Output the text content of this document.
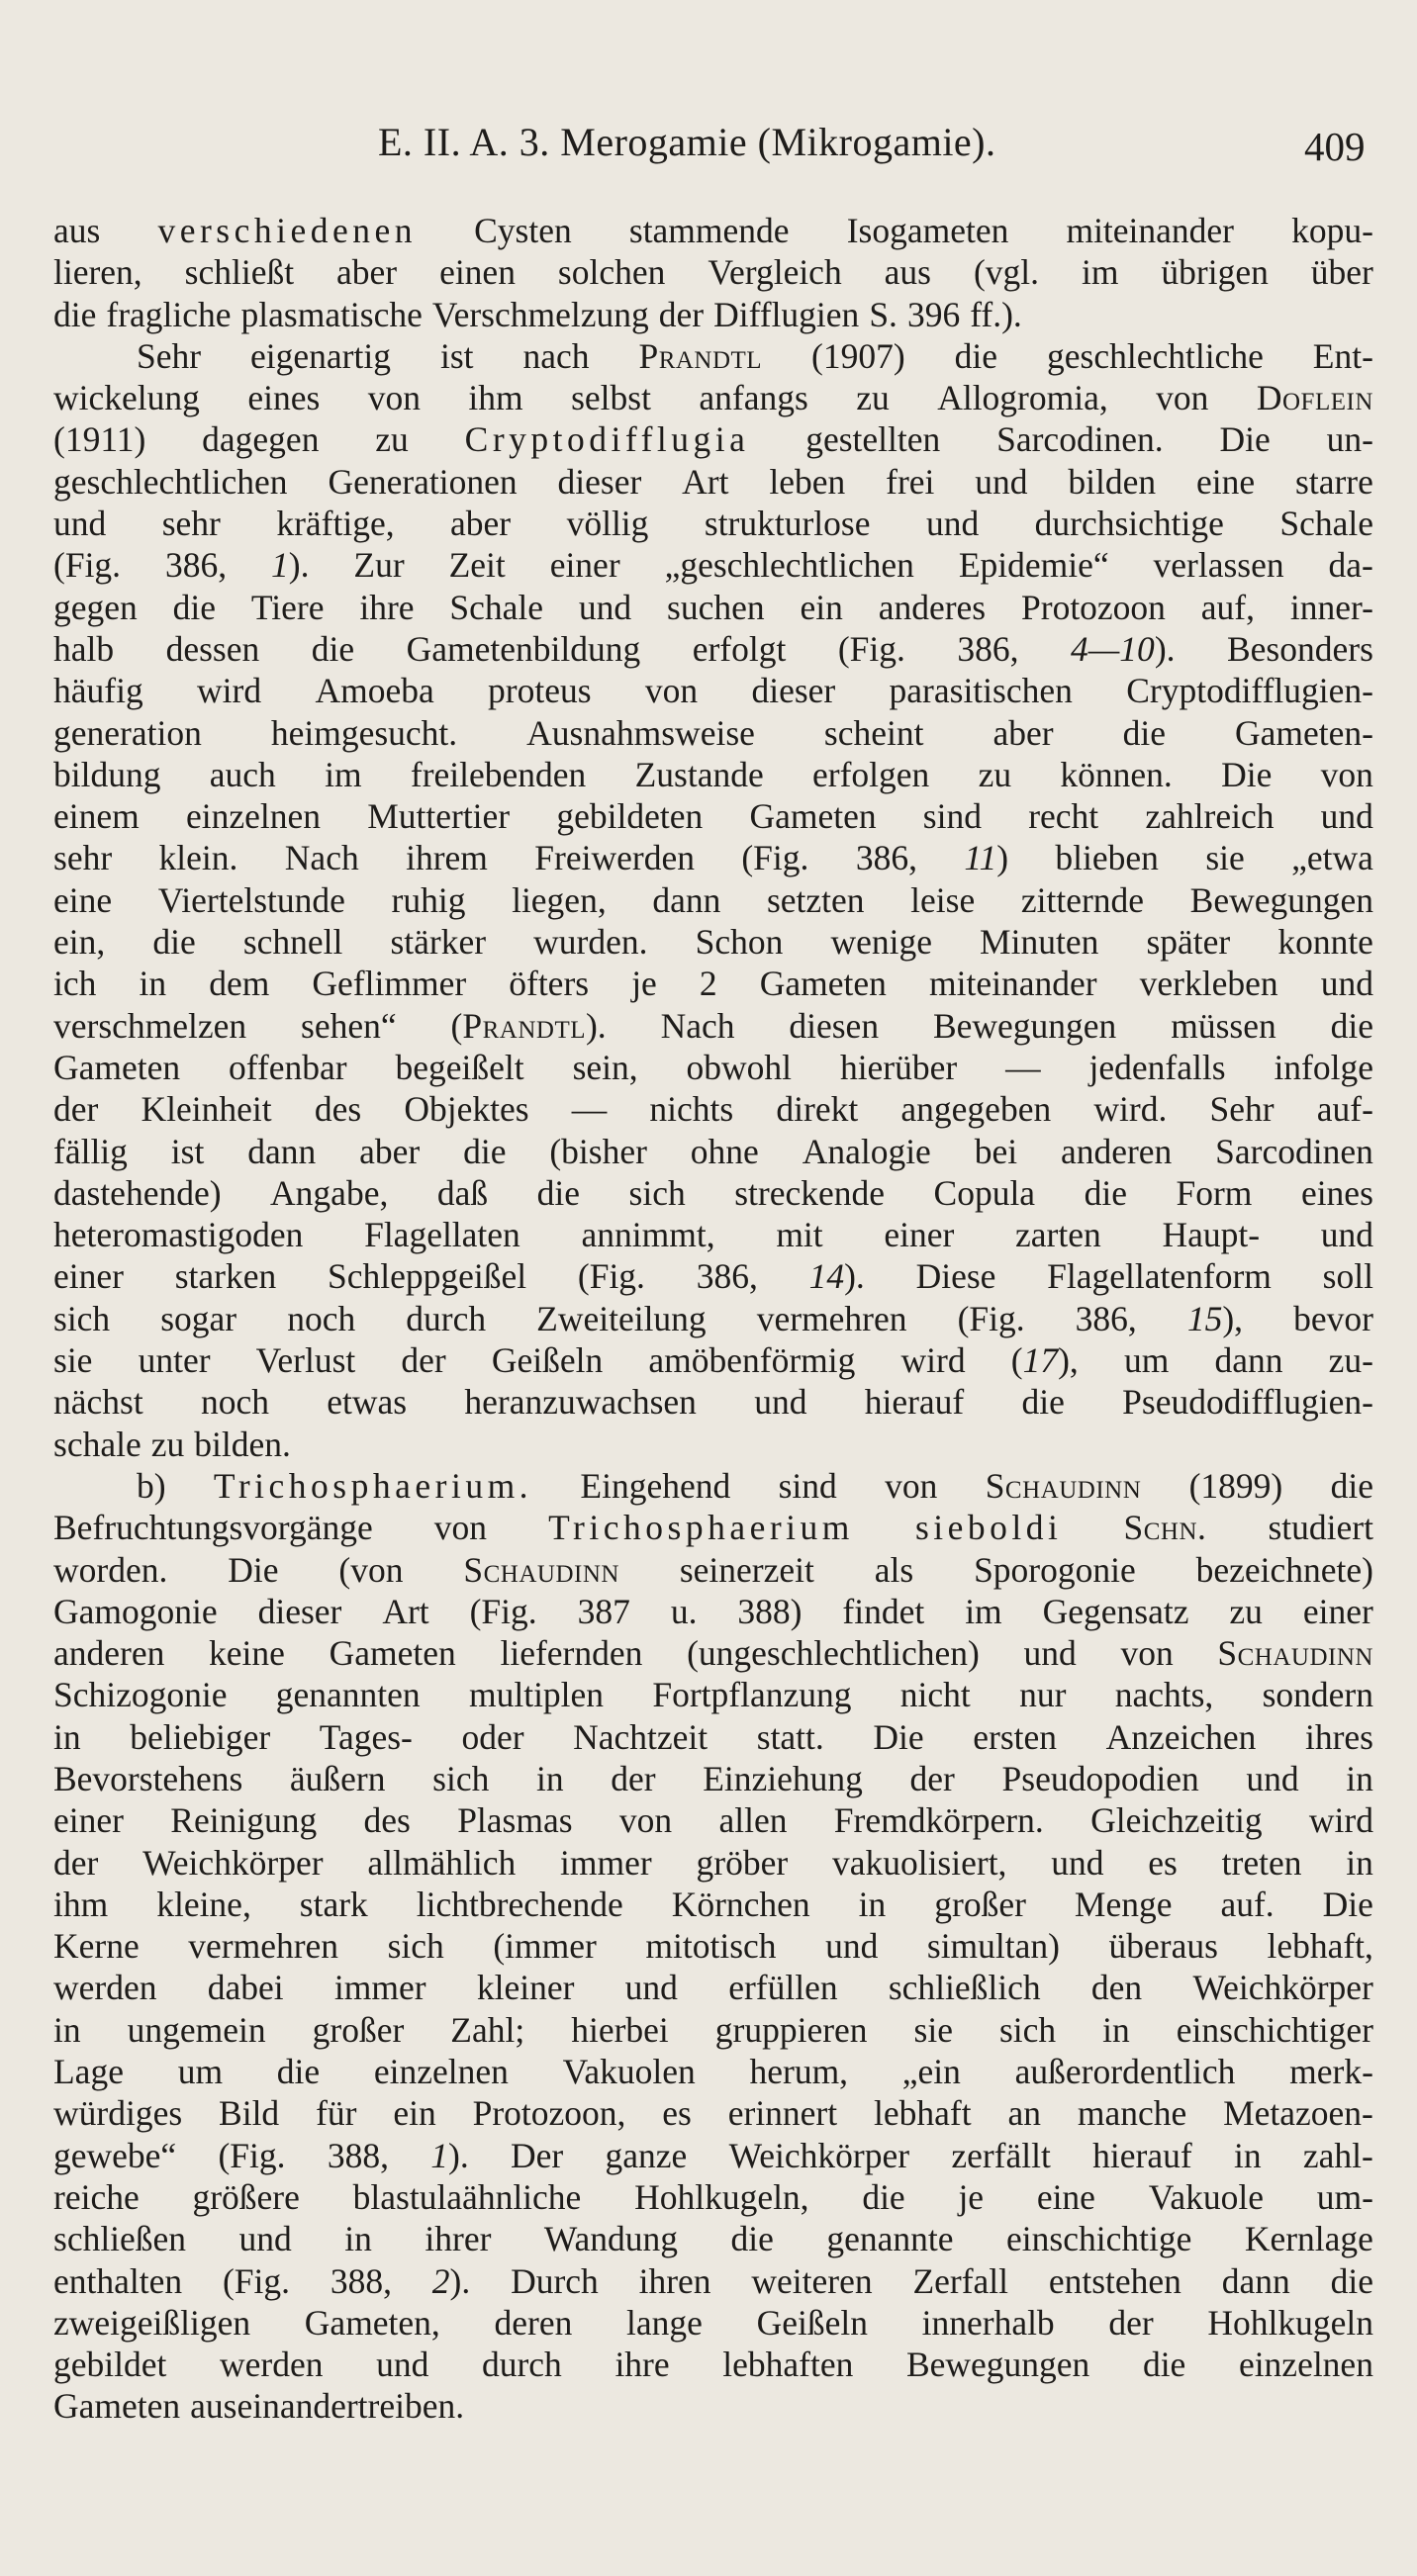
E. II. A. 3. Merogamie (Mikrogamie).	409
aus verschiedenen Cysten stammende Isogameten miteinander kopu-
lieren, schließt aber einen solchen Vergleich aus (vgl. im übrigen über
die fragliche plasmatische Verschmelzung der Difflugien S. 396 ff.).
Sehr eigenartig ist nach Prandtl (1907) die geschlechtliche Ent-
wickelung eines von ihm selbst anfangs zu Allogromia, von Doflein
(1911) dagegen zu Cryptodifflugia gestellten Sarcodinen. Die un-
geschlechtlichen Generationen dieser Art leben frei und bilden eine starre
und sehr kräftige, aber völlig strukturlose und durchsichtige Schale
(Fig. 386, 1). Zur Zeit einer „geschlechtlichen Epidemie“ verlassen da-
gegen die Tiere ihre Schale und suchen ein anderes Protozoon auf, inner-
halb dessen die Gametenbildung erfolgt (Fig. 386, 4—10). Besonders
häufig wird Amoeba proteus von dieser parasitischen Cryptodifflugien-
generation heimgesucht. Ausnahmsweise scheint aber die Gameten-
bildung auch im freilebenden Zustande erfolgen zu können. Die von
einem einzelnen Muttertier gebildeten Gameten sind recht zahlreich und
sehr klein. Nach ihrem Freiwerden (Fig. 386, 11) blieben sie „etwa
eine Viertelstunde ruhig liegen, dann setzten leise zitternde Bewegungen
ein, die schnell stärker wurden. Schon wenige Minuten später konnte
ich in dem Geflimmer öfters je 2 Gameten miteinander verkleben und
verschmelzen sehen“ (Prandtl). Nach diesen Bewegungen müssen die
Gameten offenbar begeißelt sein, obwohl hierüber — jedenfalls infolge
der Kleinheit des Objektes — nichts direkt angegeben wird. Sehr auf-
fällig ist dann aber die (bisher ohne Analogie bei anderen Sarcodinen
dastehende) Angabe, daß die sich streckende Copula die Form eines
heteromastigoden Flagellaten annimmt, mit einer zarten Haupt- und
einer starken Schleppgeißel (Fig. 386, 14). Diese Flagellatenform soll
sich sogar noch durch Zweiteilung vermehren (Fig. 386, 15), bevor
sie unter Verlust der Geißeln amöbenförmig wird (17), um dann zu-
nächst noch etwas heranzuwachsen und hierauf die Pseudodifflugien-
schale zu bilden.
b) Trichosphaerium. Eingehend sind von Schaudinn (1899) die
Befruchtungsvorgänge von Trichosphaerium sieboldi Schn. studiert
worden. Die (von Schaudinn seinerzeit als Sporogonie bezeichnete)
Gamogonie dieser Art (Fig. 387 u. 388) findet im Gegensatz zu einer
anderen keine Gameten liefernden (ungeschlechtlichen) und von Schaudinn
Schizogonie genannten multiplen Fortpflanzung nicht nur nachts, sondern
in beliebiger Tages- oder Nachtzeit statt. Die ersten Anzeichen ihres
Bevorstehens äußern sich in der Einziehung der Pseudopodien und in
einer Reinigung des Plasmas von allen Fremdkörpern. Gleichzeitig wird
der Weichkörper allmählich immer gröber vakuolisiert, und es treten in
ihm kleine, stark lichtbrechende Körnchen in großer Menge auf. Die
Kerne vermehren sich (immer mitotisch und simultan) überaus lebhaft,
werden dabei immer kleiner und erfüllen schließlich den Weichkörper
in ungemein großer Zahl; hierbei gruppieren sie sich in einschichtiger
Lage um die einzelnen Vakuolen herum, „ein außerordentlich merk-
würdiges Bild für ein Protozoon, es erinnert lebhaft an manche Metazoen-
gewebe“ (Fig. 388, 1). Der ganze Weichkörper zerfällt hierauf in zahl-
reiche größere blastulaähnliche Hohlkugeln, die je eine Vakuole um-
schließen und in ihrer Wandung die genannte einschichtige Kernlage
enthalten (Fig. 388, 2). Durch ihren weiteren Zerfall entstehen dann die
zweigeißligen Gameten, deren lange Geißeln innerhalb der Hohlkugeln
gebildet werden und durch ihre lebhaften Bewegungen die einzelnen
Gameten auseinandertreiben.
